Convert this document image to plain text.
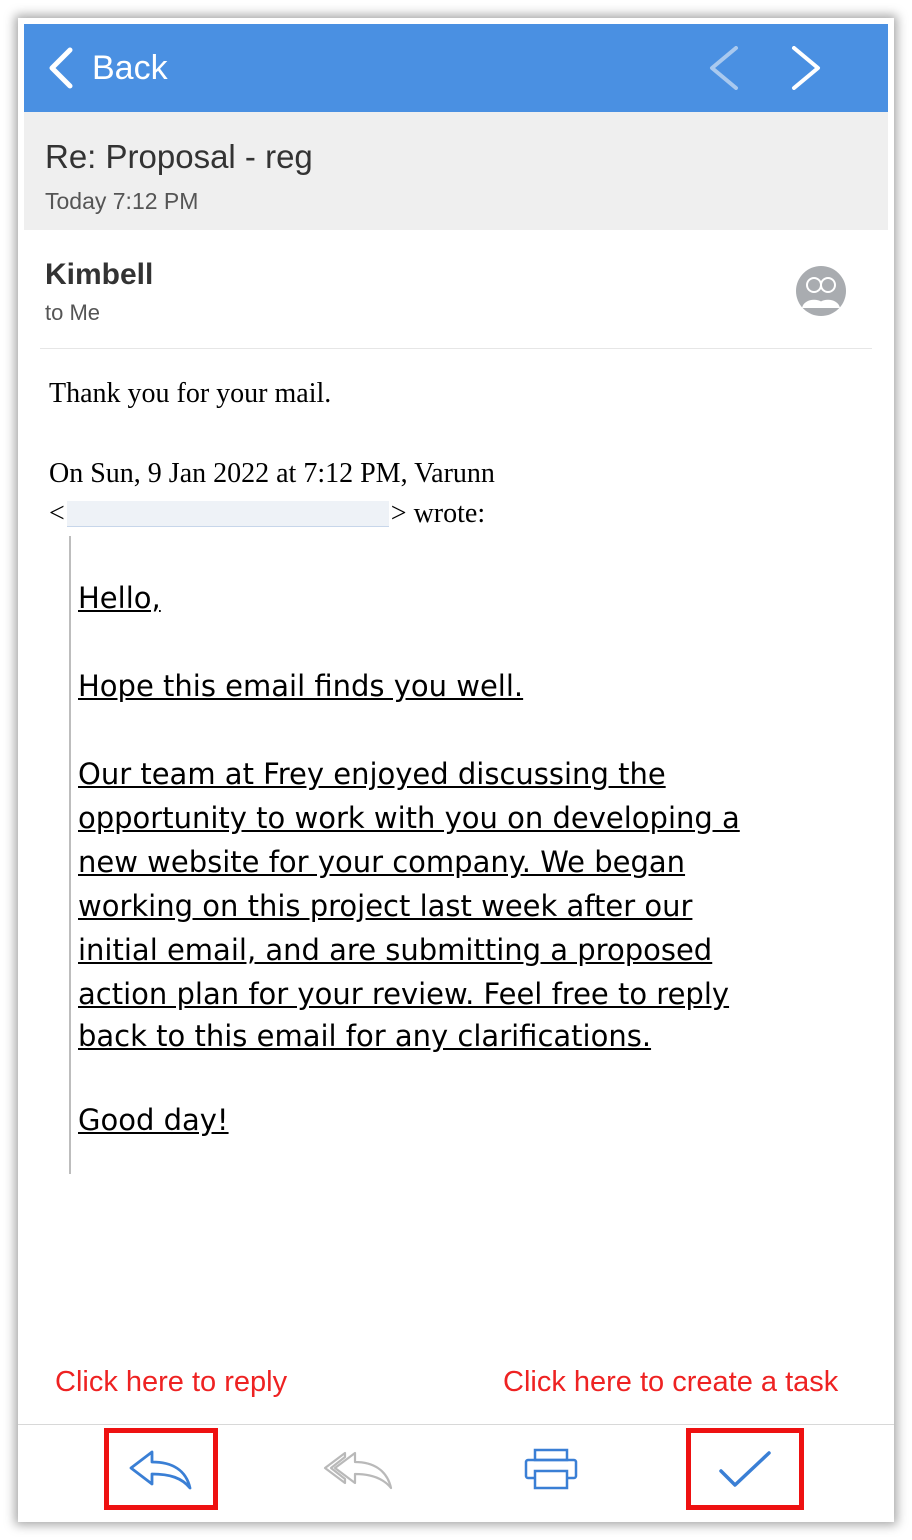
Back
Re: Proposal - reg
Today 7:12 PM
Kimbell
to Me
Thank you for your mail.
On Sun, 9 Jan 2022 at 7:12 PM, Varunn
<	> wrote:
Hello,
Hope this email finds you well.
Our team at Frey enjoyed discussing the
opportunity to work with you on developing a
new website for your company. We began
working on this project last week after our
initial email, and are submitting a proposed
action plan for your review. Feel free to reply
back to this email for any clarifications.
Good day!
Click here to reply	Click here to create a task
